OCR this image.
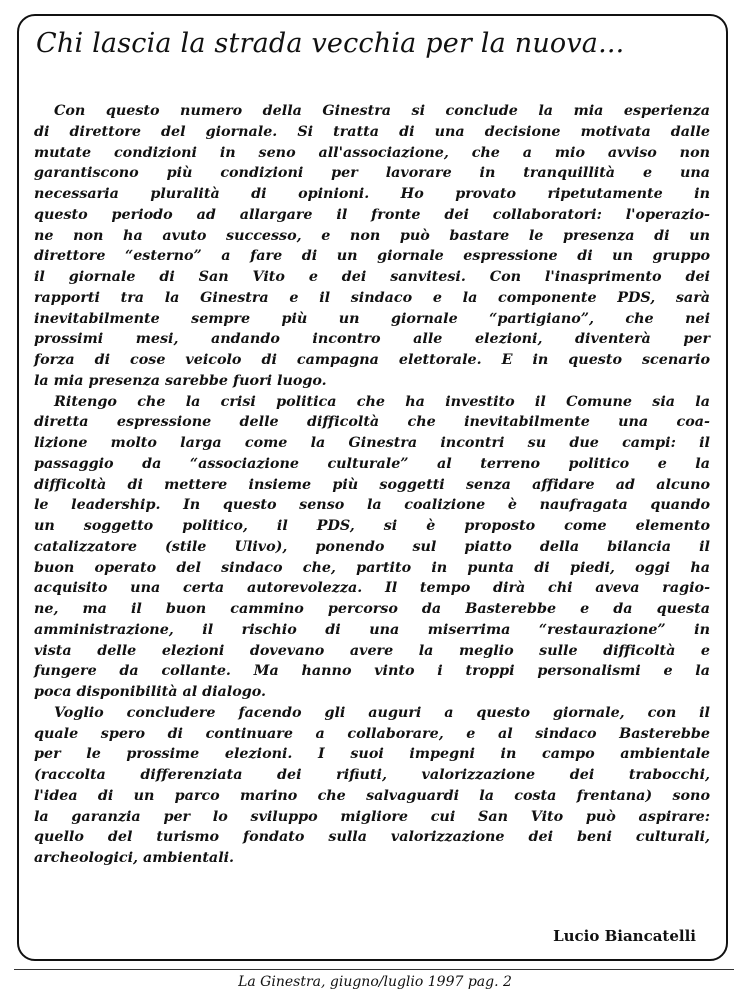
Chi lascia la strada vecchia per la nuova...

Con questo numero della Ginestra si conclude la mia esperienza
di direttore del giornale. Si tratta di una decisione motivata dalle
mutate condizioni in seno all'associazione, che a mio avviso non
garantiscono più condizioni per lavorare in tranquillità e una
necessaria pluralità di opinioni. Ho provato ripetutamente in
questo periodo ad allargare il fronte dei collaboratori: l'operazio-
ne non ha avuto successo, e non può bastare le presenza di un
direttore “esterno” a fare di un giornale espressione di un gruppo
il giornale di San Vito e dei sanvitesi. Con l'inasprimento dei
rapporti tra la Ginestra e il sindaco e la componente PDS, sarà
inevitabilmente sempre più un giornale “partigiano”, che nei
prossimi mesi, andando incontro alle elezioni, diventerà per
forza di cose veicolo di campagna elettorale. E in questo scenario
la mia presenza sarebbe fuori luogo.

Ritengo che la crisi politica che ha investito il Comune sia la
diretta espressione delle difficoltà che inevitabilmente una coa-
lizione molto larga come la Ginestra incontri su due campi: il
passaggio da “associazione culturale” al terreno politico e la
difficoltà di mettere insieme più soggetti senza affidare ad alcuno
le leadership. In questo senso la coalizione è naufragata quando
un soggetto politico, il PDS, si è proposto come elemento
catalizzatore (stile Ulivo), ponendo sul piatto della bilancia il
buon operato del sindaco che, partito in punta di piedi, oggi ha
acquisito una certa autorevolezza. Il tempo dirà chi aveva ragio-
ne, ma il buon cammino percorso da Basterebbe e da questa
amministrazione, il rischio di una miserrima “restaurazione” in
vista delle elezioni dovevano avere la meglio sulle difficoltà e
fungere da collante. Ma hanno vinto i troppi personalismi e la
poca disponibilità al dialogo.

Voglio concludere facendo gli auguri a questo giornale, con il
quale spero di continuare a collaborare, e al sindaco Basterebbe
per le prossime elezioni. I suoi impegni in campo ambientale
(raccolta differenziata dei rifiuti, valorizzazione dei trabocchi,
l'idea di un parco marino che salvaguardi la costa frentana) sono
la garanzia per lo sviluppo migliore cui San Vito può aspirare:
quello del turismo fondato sulla valorizzazione dei beni culturali,
archeologici, ambientali.

Lucio Biancatelli
La Ginestra, giugno/luglio 1997 pag. 2
